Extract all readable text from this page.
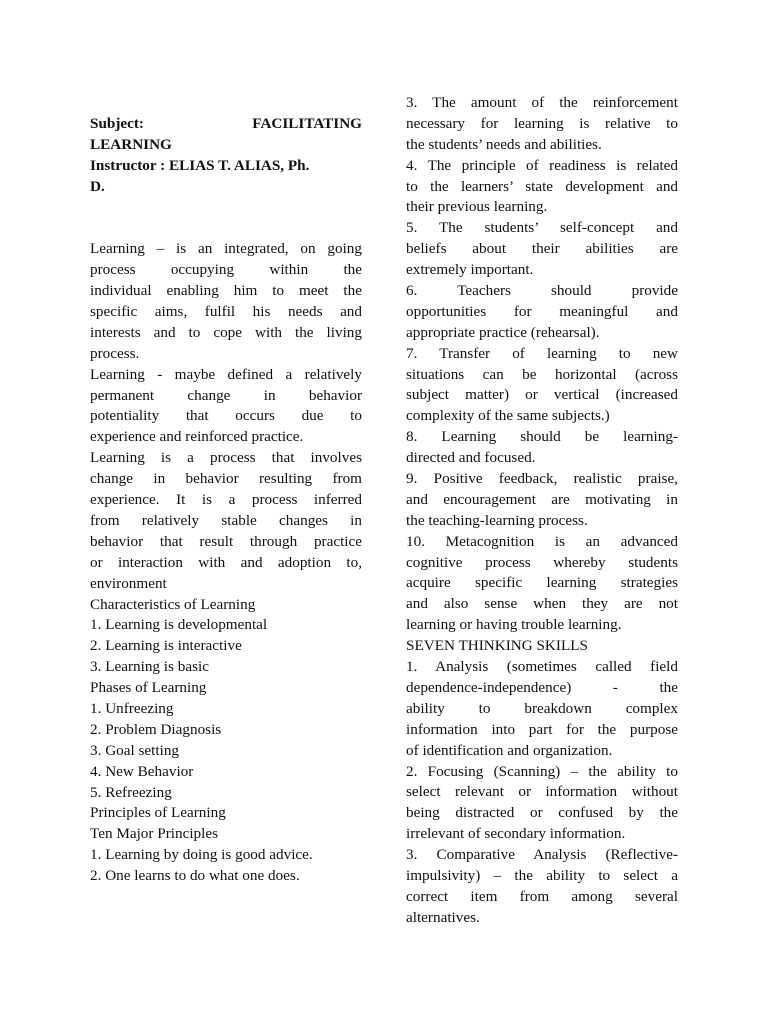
Subject:	FACILITATING
LEARNING
Instructor : ELIAS T. ALIAS, Ph.
D.
Learning – is an integrated, on going
process occupying within the
individual enabling him to meet the
specific aims, fulfil his needs and
interests and to cope with the living
process.
Learning - maybe defined a relatively
permanent change in behavior
potentiality that occurs due to
experience and reinforced practice.
Learning is a process that involves
change in behavior resulting from
experience. It is a process inferred
from relatively stable changes in
behavior that result through practice
or interaction with and adoption to,
environment
Characteristics of Learning
1. Learning is developmental
2. Learning is interactive
3. Learning is basic
Phases of Learning
1. Unfreezing
2. Problem Diagnosis
3. Goal setting
4. New Behavior
5. Refreezing
Principles of Learning
Ten Major Principles
1. Learning by doing is good advice.
2. One learns to do what one does.
3. The amount of the reinforcement
necessary for learning is relative to
the students’ needs and abilities.
4. The principle of readiness is related
to the learners’ state development and
their previous learning.
5. The students’ self-concept and
beliefs about their abilities are
extremely important.
6. Teachers should provide
opportunities for meaningful and
appropriate practice (rehearsal).
7. Transfer of learning to new
situations can be horizontal (across
subject matter) or vertical (increased
complexity of the same subjects.)
8. Learning should be learning-
directed and focused.
9. Positive feedback, realistic praise,
and encouragement are motivating in
the teaching-learning process.
10. Metacognition is an advanced
cognitive process whereby students
acquire specific learning strategies
and also sense when they are not
learning or having trouble learning.
SEVEN THINKING SKILLS
1. Analysis (sometimes called field
dependence-independence) - the
ability to breakdown complex
information into part for the purpose
of identification and organization.
2. Focusing (Scanning) – the ability to
select relevant or information without
being distracted or confused by the
irrelevant of secondary information.
3. Comparative Analysis (Reflective-
impulsivity) – the ability to select a
correct item from among several
alternatives.
